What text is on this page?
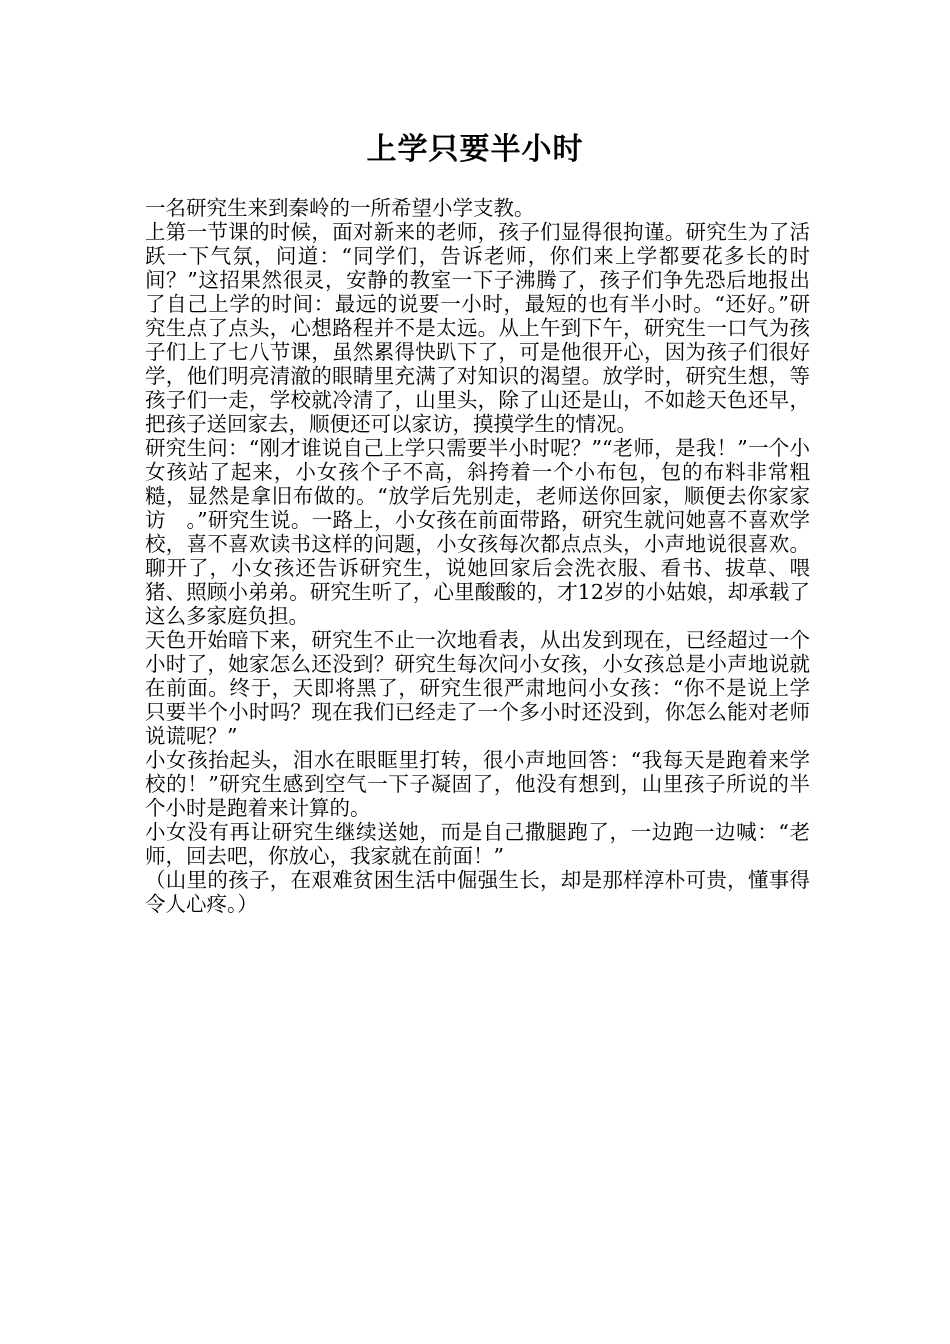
上学只要半小时

一名研究生来到秦岭的一所希望小学支教。

上第一节课的时候，面对新来的老师，孩子们显得很拘谨。研究生为了活跃一下气氛，问道：“同学们，告诉老师，你们来上学都要花多长的时间？”这招果然很灵，安静的教室一下子沸腾了，孩子们争先恐后地报出了自己上学的时间：最远的说要一小时，最短的也有半小时。“还好。”研究生点了点头，心想路程并不是太远。从上午到下午，研究生一口气为孩子们上了七八节课，虽然累得快趴下了，可是他很开心，因为孩子们很好学，他们明亮清澈的眼睛里充满了对知识的渴望。放学时，研究生想，等孩子们一走，学校就冷清了，山里头，除了山还是山，不如趁天色还早，把孩子送回家去，顺便还可以家访，摸摸学生的情况。

研究生问：“刚才谁说自己上学只需要半小时呢？”“老师，是我！”一个小女孩站了起来，小女孩个子不高，斜挎着一个小布包，包的布料非常粗糙，显然是拿旧布做的。“放学后先别走，老师送你回家，顺便去你家家访　。”研究生说。一路上，小女孩在前面带路，研究生就问她喜不喜欢学校，喜不喜欢读书这样的问题，小女孩每次都点点头，小声地说很喜欢。聊开了，小女孩还告诉研究生，说她回家后会洗衣服、看书、拔草、喂猪、照顾小弟弟。研究生听了，心里酸酸的，才12岁的小姑娘，却承载了这么多家庭负担。

天色开始暗下来，研究生不止一次地看表，从出发到现在，已经超过一个小时了，她家怎么还没到？研究生每次问小女孩，小女孩总是小声地说就在前面。终于，天即将黑了，研究生很严肃地问小女孩：“你不是说上学只要半个小时吗？现在我们已经走了一个多小时还没到，你怎么能对老师说谎呢？”

小女孩抬起头，泪水在眼眶里打转，很小声地回答：“我每天是跑着来学校的！”研究生感到空气一下子凝固了，他没有想到，山里孩子所说的半个小时是跑着来计算的。

小女没有再让研究生继续送她，而是自己撒腿跑了，一边跑一边喊：“老师，回去吧，你放心，我家就在前面！”

（山里的孩子，在艰难贫困生活中倔强生长，却是那样淳朴可贵，懂事得令人心疼。）
